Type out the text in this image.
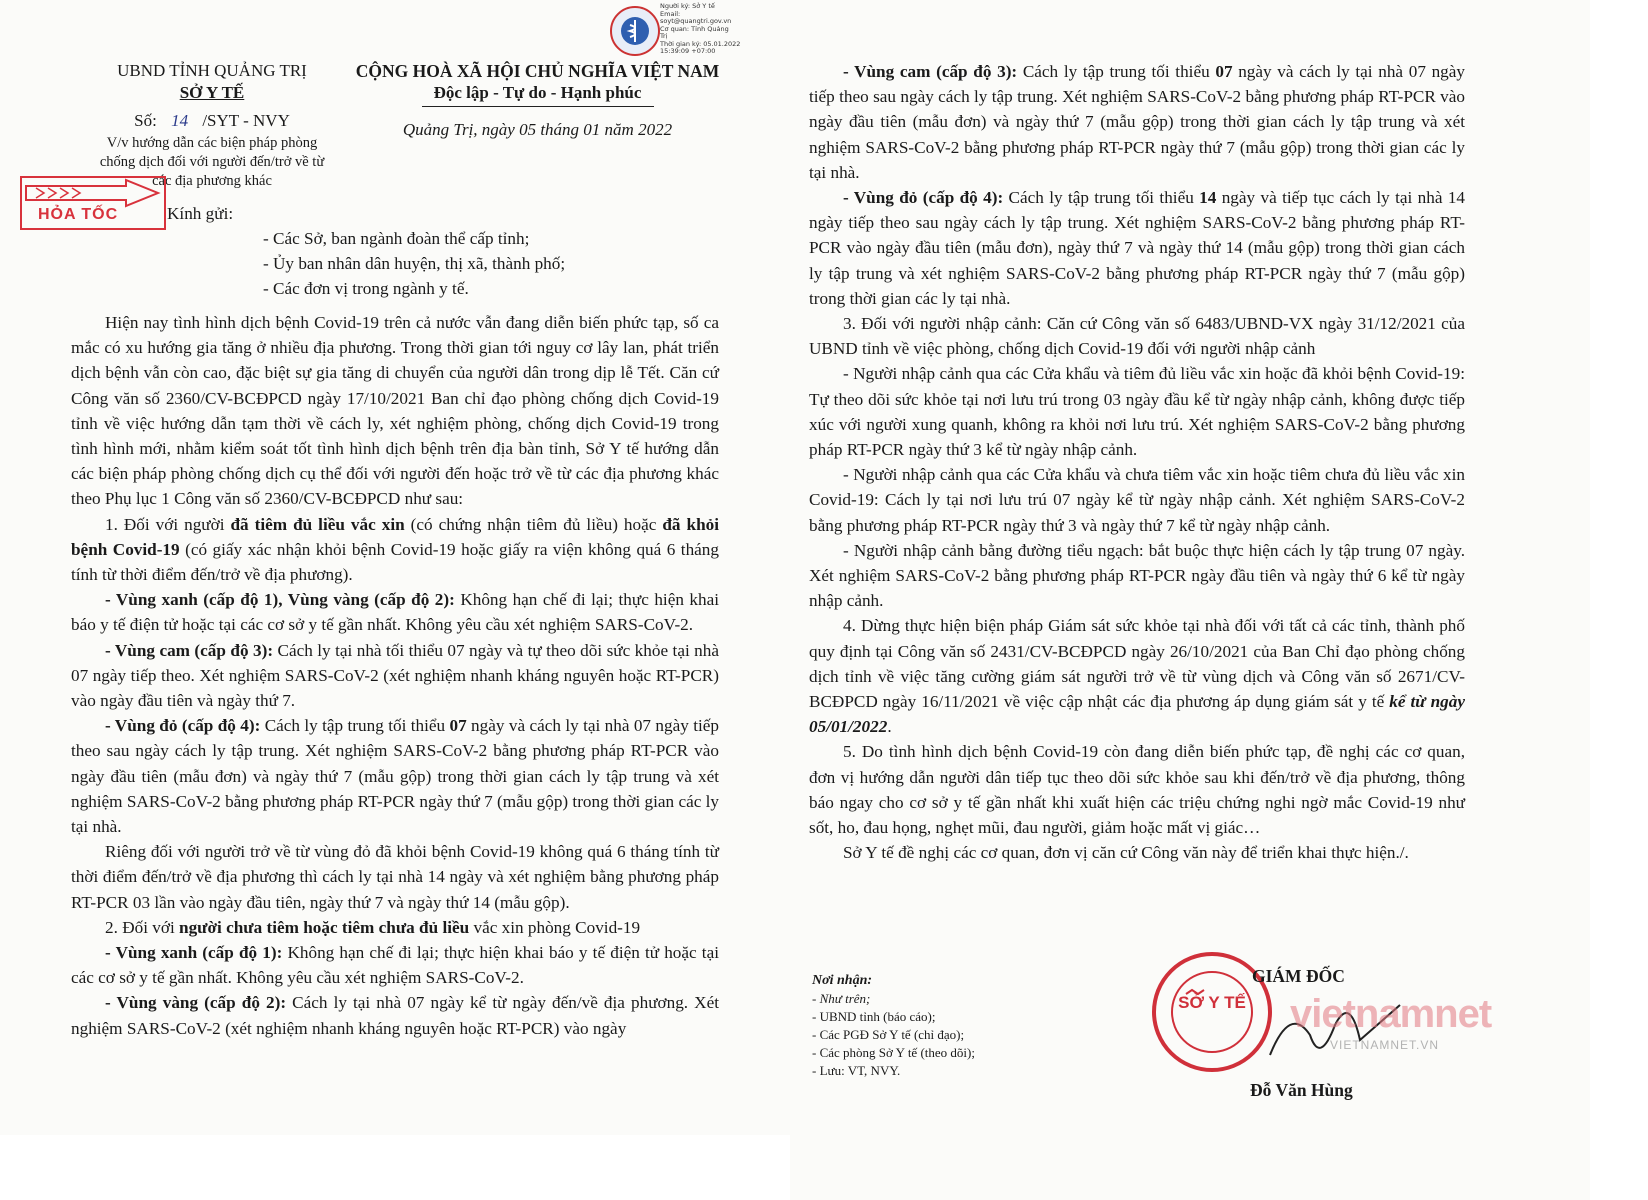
UBND TỈNH QUẢNG TRỊ
SỞ Y TẾ
Số: 14 /SYT - NVY
V/v hướng dẫn các biện pháp phòng chống dịch đối với người đến/trở về từ các địa phương khác
CỘNG HOÀ XÃ HỘI CHỦ NGHĨA VIỆT NAM
Độc lập - Tự do - Hạnh phúc
Quảng Trị, ngày 05 tháng 01 năm 2022
HỎA TỐC	Kính gửi:
- Các Sở, ban ngành đoàn thể cấp tỉnh;
- Ủy ban nhân dân huyện, thị xã, thành phố;
- Các đơn vị trong ngành y tế.

Hiện nay tình hình dịch bệnh Covid-19 trên cả nước vẫn đang diễn biến phức tạp, số ca mắc có xu hướng gia tăng ở nhiều địa phương. Trong thời gian tới nguy cơ lây lan, phát triển dịch bệnh vẫn còn cao, đặc biệt sự gia tăng di chuyển của người dân trong dịp lễ Tết. Căn cứ Công văn số 2360/CV-BCĐPCD ngày 17/10/2021 Ban chỉ đạo phòng chống dịch Covid-19 tỉnh về việc hướng dẫn tạm thời về cách ly, xét nghiệm phòng, chống dịch Covid-19 trong tình hình mới, nhằm kiểm soát tốt tình hình dịch bệnh trên địa bàn tỉnh, Sở Y tế hướng dẫn các biện pháp phòng chống dịch cụ thể đối với người đến hoặc trở về từ các địa phương khác theo Phụ lục 1 Công văn số 2360/CV-BCĐPCD như sau:

1. Đối với người đã tiêm đủ liều vắc xin (có chứng nhận tiêm đủ liều) hoặc đã khỏi bệnh Covid-19 (có giấy xác nhận khỏi bệnh Covid-19 hoặc giấy ra viện không quá 6 tháng tính từ thời điểm đến/trở về địa phương).

- Vùng xanh (cấp độ 1), Vùng vàng (cấp độ 2): Không hạn chế đi lại; thực hiện khai báo y tế điện tử hoặc tại các cơ sở y tế gần nhất. Không yêu cầu xét nghiệm SARS-CoV-2.

- Vùng cam (cấp độ 3): Cách ly tại nhà tối thiểu 07 ngày và tự theo dõi sức khỏe tại nhà 07 ngày tiếp theo. Xét nghiệm SARS-CoV-2 (xét nghiệm nhanh kháng nguyên hoặc RT-PCR) vào ngày đầu tiên và ngày thứ 7.

- Vùng đỏ (cấp độ 4): Cách ly tập trung tối thiểu 07 ngày và cách ly tại nhà 07 ngày tiếp theo sau ngày cách ly tập trung. Xét nghiệm SARS-CoV-2 bằng phương pháp RT-PCR vào ngày đầu tiên (mẫu đơn) và ngày thứ 7 (mẫu gộp) trong thời gian cách ly tập trung và xét nghiệm SARS-CoV-2 bằng phương pháp RT-PCR ngày thứ 7 (mẫu gộp) trong thời gian các ly tại nhà.

Riêng đối với người trở về từ vùng đỏ đã khỏi bệnh Covid-19 không quá 6 tháng tính từ thời điểm đến/trở về địa phương thì cách ly tại nhà 14 ngày và xét nghiệm bằng phương pháp RT-PCR 03 lần vào ngày đầu tiên, ngày thứ 7 và ngày thứ 14 (mẫu gộp).

2. Đối với người chưa tiêm hoặc tiêm chưa đủ liều vắc xin phòng Covid-19

- Vùng xanh (cấp độ 1): Không hạn chế đi lại; thực hiện khai báo y tế điện tử hoặc tại các cơ sở y tế gần nhất. Không yêu cầu xét nghiệm SARS-CoV-2.

- Vùng vàng (cấp độ 2): Cách ly tại nhà 07 ngày kể từ ngày đến/về địa phương. Xét nghiệm SARS-CoV-2 (xét nghiệm nhanh kháng nguyên hoặc RT-PCR) vào ngày

Người ký: Sở Y tế
Email:
soyt@quangtri.gov.vn
Cơ quan: Tỉnh Quảng
Trị
Thời gian ký: 05.01.2022
15:39:09 +07:00

- Vùng cam (cấp độ 3): Cách ly tập trung tối thiểu 07 ngày và cách ly tại nhà 07 ngày tiếp theo sau ngày cách ly tập trung. Xét nghiệm SARS-CoV-2 bằng phương pháp RT-PCR vào ngày đầu tiên (mẫu đơn) và ngày thứ 7 (mẫu gộp) trong thời gian cách ly tập trung và xét nghiệm SARS-CoV-2 bằng phương pháp RT-PCR ngày thứ 7 (mẫu gộp) trong thời gian các ly tại nhà.

- Vùng đỏ (cấp độ 4): Cách ly tập trung tối thiểu 14 ngày và tiếp tục cách ly tại nhà 14 ngày tiếp theo sau ngày cách ly tập trung. Xét nghiệm SARS-CoV-2 bằng phương pháp RT-PCR vào ngày đầu tiên (mẫu đơn), ngày thứ 7 và ngày thứ 14 (mẫu gộp) trong thời gian cách ly tập trung và xét nghiệm SARS-CoV-2 bằng phương pháp RT-PCR ngày thứ 7 (mẫu gộp) trong thời gian các ly tại nhà.

3. Đối với người nhập cảnh: Căn cứ Công văn số 6483/UBND-VX ngày 31/12/2021 của UBND tỉnh về việc phòng, chống dịch Covid-19 đối với người nhập cảnh

- Người nhập cảnh qua các Cửa khẩu và tiêm đủ liều vắc xin hoặc đã khỏi bệnh Covid-19: Tự theo dõi sức khỏe tại nơi lưu trú trong 03 ngày đầu kể từ ngày nhập cảnh, không được tiếp xúc với người xung quanh, không ra khỏi nơi lưu trú. Xét nghiệm SARS-CoV-2 bằng phương pháp RT-PCR ngày thứ 3 kể từ ngày nhập cảnh.

- Người nhập cảnh qua các Cửa khẩu và chưa tiêm vắc xin hoặc tiêm chưa đủ liều vắc xin Covid-19: Cách ly tại nơi lưu trú 07 ngày kể từ ngày nhập cảnh. Xét nghiệm SARS-CoV-2 bằng phương pháp RT-PCR ngày thứ 3 và ngày thứ 7 kể từ ngày nhập cảnh.

- Người nhập cảnh bằng đường tiểu ngạch: bắt buộc thực hiện cách ly tập trung 07 ngày. Xét nghiệm SARS-CoV-2 bằng phương pháp RT-PCR ngày đầu tiên và ngày thứ 6 kể từ ngày nhập cảnh.

4. Dừng thực hiện biện pháp Giám sát sức khỏe tại nhà đối với tất cả các tỉnh, thành phố quy định tại Công văn số 2431/CV-BCĐPCD ngày 26/10/2021 của Ban Chỉ đạo phòng chống dịch tỉnh về việc tăng cường giám sát người trở về từ vùng dịch và Công văn số 2671/CV-BCĐPCD ngày 16/11/2021 về việc cập nhật các địa phương áp dụng giám sát y tế kể từ ngày 05/01/2022.

5. Do tình hình dịch bệnh Covid-19 còn đang diễn biến phức tạp, đề nghị các cơ quan, đơn vị hướng dẫn người dân tiếp tục theo dõi sức khỏe sau khi đến/trở về địa phương, thông báo ngay cho cơ sở y tế gần nhất khi xuất hiện các triệu chứng nghi ngờ mắc Covid-19 như sốt, ho, đau họng, nghẹt mũi, đau người, giảm hoặc mất vị giác…

Sở Y tế đề nghị các cơ quan, đơn vị căn cứ Công văn này để triển khai thực hiện./.

Nơi nhận:
- Như trên;
- UBND tỉnh (báo cáo);
- Các PGĐ Sở Y tế (chỉ đạo);
- Các phòng Sở Y tế (theo dõi);
- Lưu: VT, NVY.
SỞ Y TẾ
GIÁM ĐỐC
vietnamnet
VIETNAMNET.VN
Đỗ Văn Hùng
